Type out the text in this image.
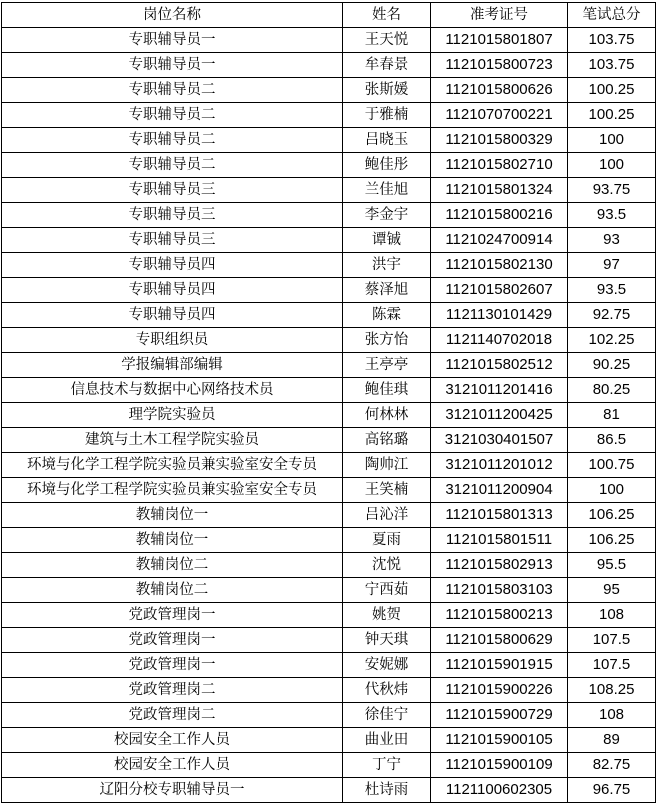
岗位名称	姓名	准考证号	笔试总分
专职辅导员一	王天悦	1121015801807	103.75
专职辅导员一	牟春景	1121015800723	103.75
专职辅导员二	张斯媛	1121015800626	100.25
专职辅导员二	于雅楠	1121070700221	100.25
专职辅导员二	吕晓玉	1121015800329	100
专职辅导员二	鲍佳彤	1121015802710	100
专职辅导员三	兰佳旭	1121015801324	93.75
专职辅导员三	李金宇	1121015800216	93.5
专职辅导员三	谭铖	1121024700914	93
专职辅导员四	洪宇	1121015802130	97
专职辅导员四	蔡泽旭	1121015802607	93.5
专职辅导员四	陈霖	1121130101429	92.75
专职组织员	张方怡	1121140702018	102.25
学报编辑部编辑	王亭亭	1121015802512	90.25
信息技术与数据中心网络技术员	鲍佳琪	3121011201416	80.25
理学院实验员	何林林	3121011200425	81
建筑与土木工程学院实验员	高铭璐	3121030401507	86.5
环境与化学工程学院实验员兼实验室安全专员	陶帅江	3121011201012	100.75
环境与化学工程学院实验员兼实验室安全专员	王笑楠	3121011200904	100
教辅岗位一	吕沁洋	1121015801313	106.25
教辅岗位一	夏雨	1121015801511	106.25
教辅岗位二	沈悦	1121015802913	95.5
教辅岗位二	宁西茹	1121015803103	95
党政管理岗一	姚贺	1121015800213	108
党政管理岗一	钟天琪	1121015800629	107.5
党政管理岗一	安妮娜	1121015901915	107.5
党政管理岗二	代秋炜	1121015900226	108.25
党政管理岗二	徐佳宁	1121015900729	108
校园安全工作人员	曲业田	1121015900105	89
校园安全工作人员	丁宁	1121015900109	82.75
辽阳分校专职辅导员一	杜诗雨	1121100602305	96.75
